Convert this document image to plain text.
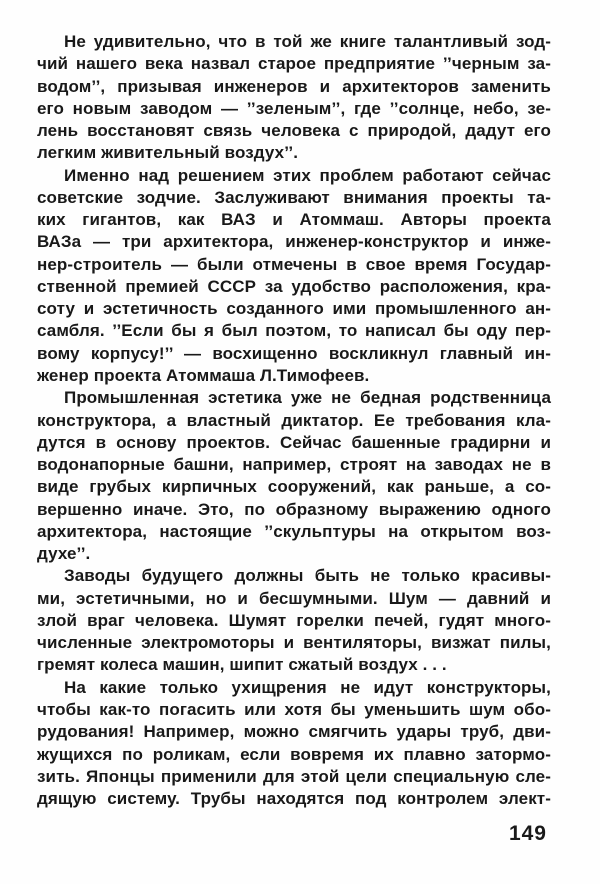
Не удивительно, что в той же книге талантливый зод-
чий нашего века назвал старое предприятие ’’черным за-
водом’’, призывая инженеров и архитекторов заменить
его новым заводом — ’’зеленым’’, где ’’солнце, небо, зе-
лень восстановят связь человека с природой, дадут его
легким живительный воздух’’.
Именно над решением этих проблем работают сейчас
советские зодчие. Заслуживают внимания проекты та-
ких гигантов, как ВАЗ и Атоммаш. Авторы проекта
ВАЗа — три архитектора, инженер-конструктор и инже-
нер-строитель — были отмечены в свое время Государ-
ственной премией СССР за удобство расположения, кра-
соту и эстетичность созданного ими промышленного ан-
самбля. ’’Если бы я был поэтом, то написал бы оду пер-
вому корпусу!’’ — восхищенно воскликнул главный ин-
женер проекта Атоммаша Л.Тимофеев.
Промышленная эстетика уже не бедная родственница
конструктора, а властный диктатор. Ее требования кла-
дутся в основу проектов. Сейчас башенные градирни и
водонапорные башни, например, строят на заводах не в
виде грубых кирпичных сооружений, как раньше, а со-
вершенно иначе. Это, по образному выражению одного
архитектора, настоящие ’’скульптуры на открытом воз-
духе’’.
Заводы будущего должны быть не только красивы-
ми, эстетичными, но и бесшумными. Шум — давний и
злой враг человека. Шумят горелки печей, гудят много-
численные электромоторы и вентиляторы, визжат пилы,
гремят колеса машин, шипит сжатый воздух . . .
На какие только ухищрения не идут конструкторы,
чтобы как-то погасить или хотя бы уменьшить шум обо-
рудования! Например, можно смягчить удары труб, дви-
жущихся по роликам, если вовремя их плавно затормо-
зить. Японцы применили для этой цели специальную сле-
дящую систему. Трубы находятся под контролем элект-
149
